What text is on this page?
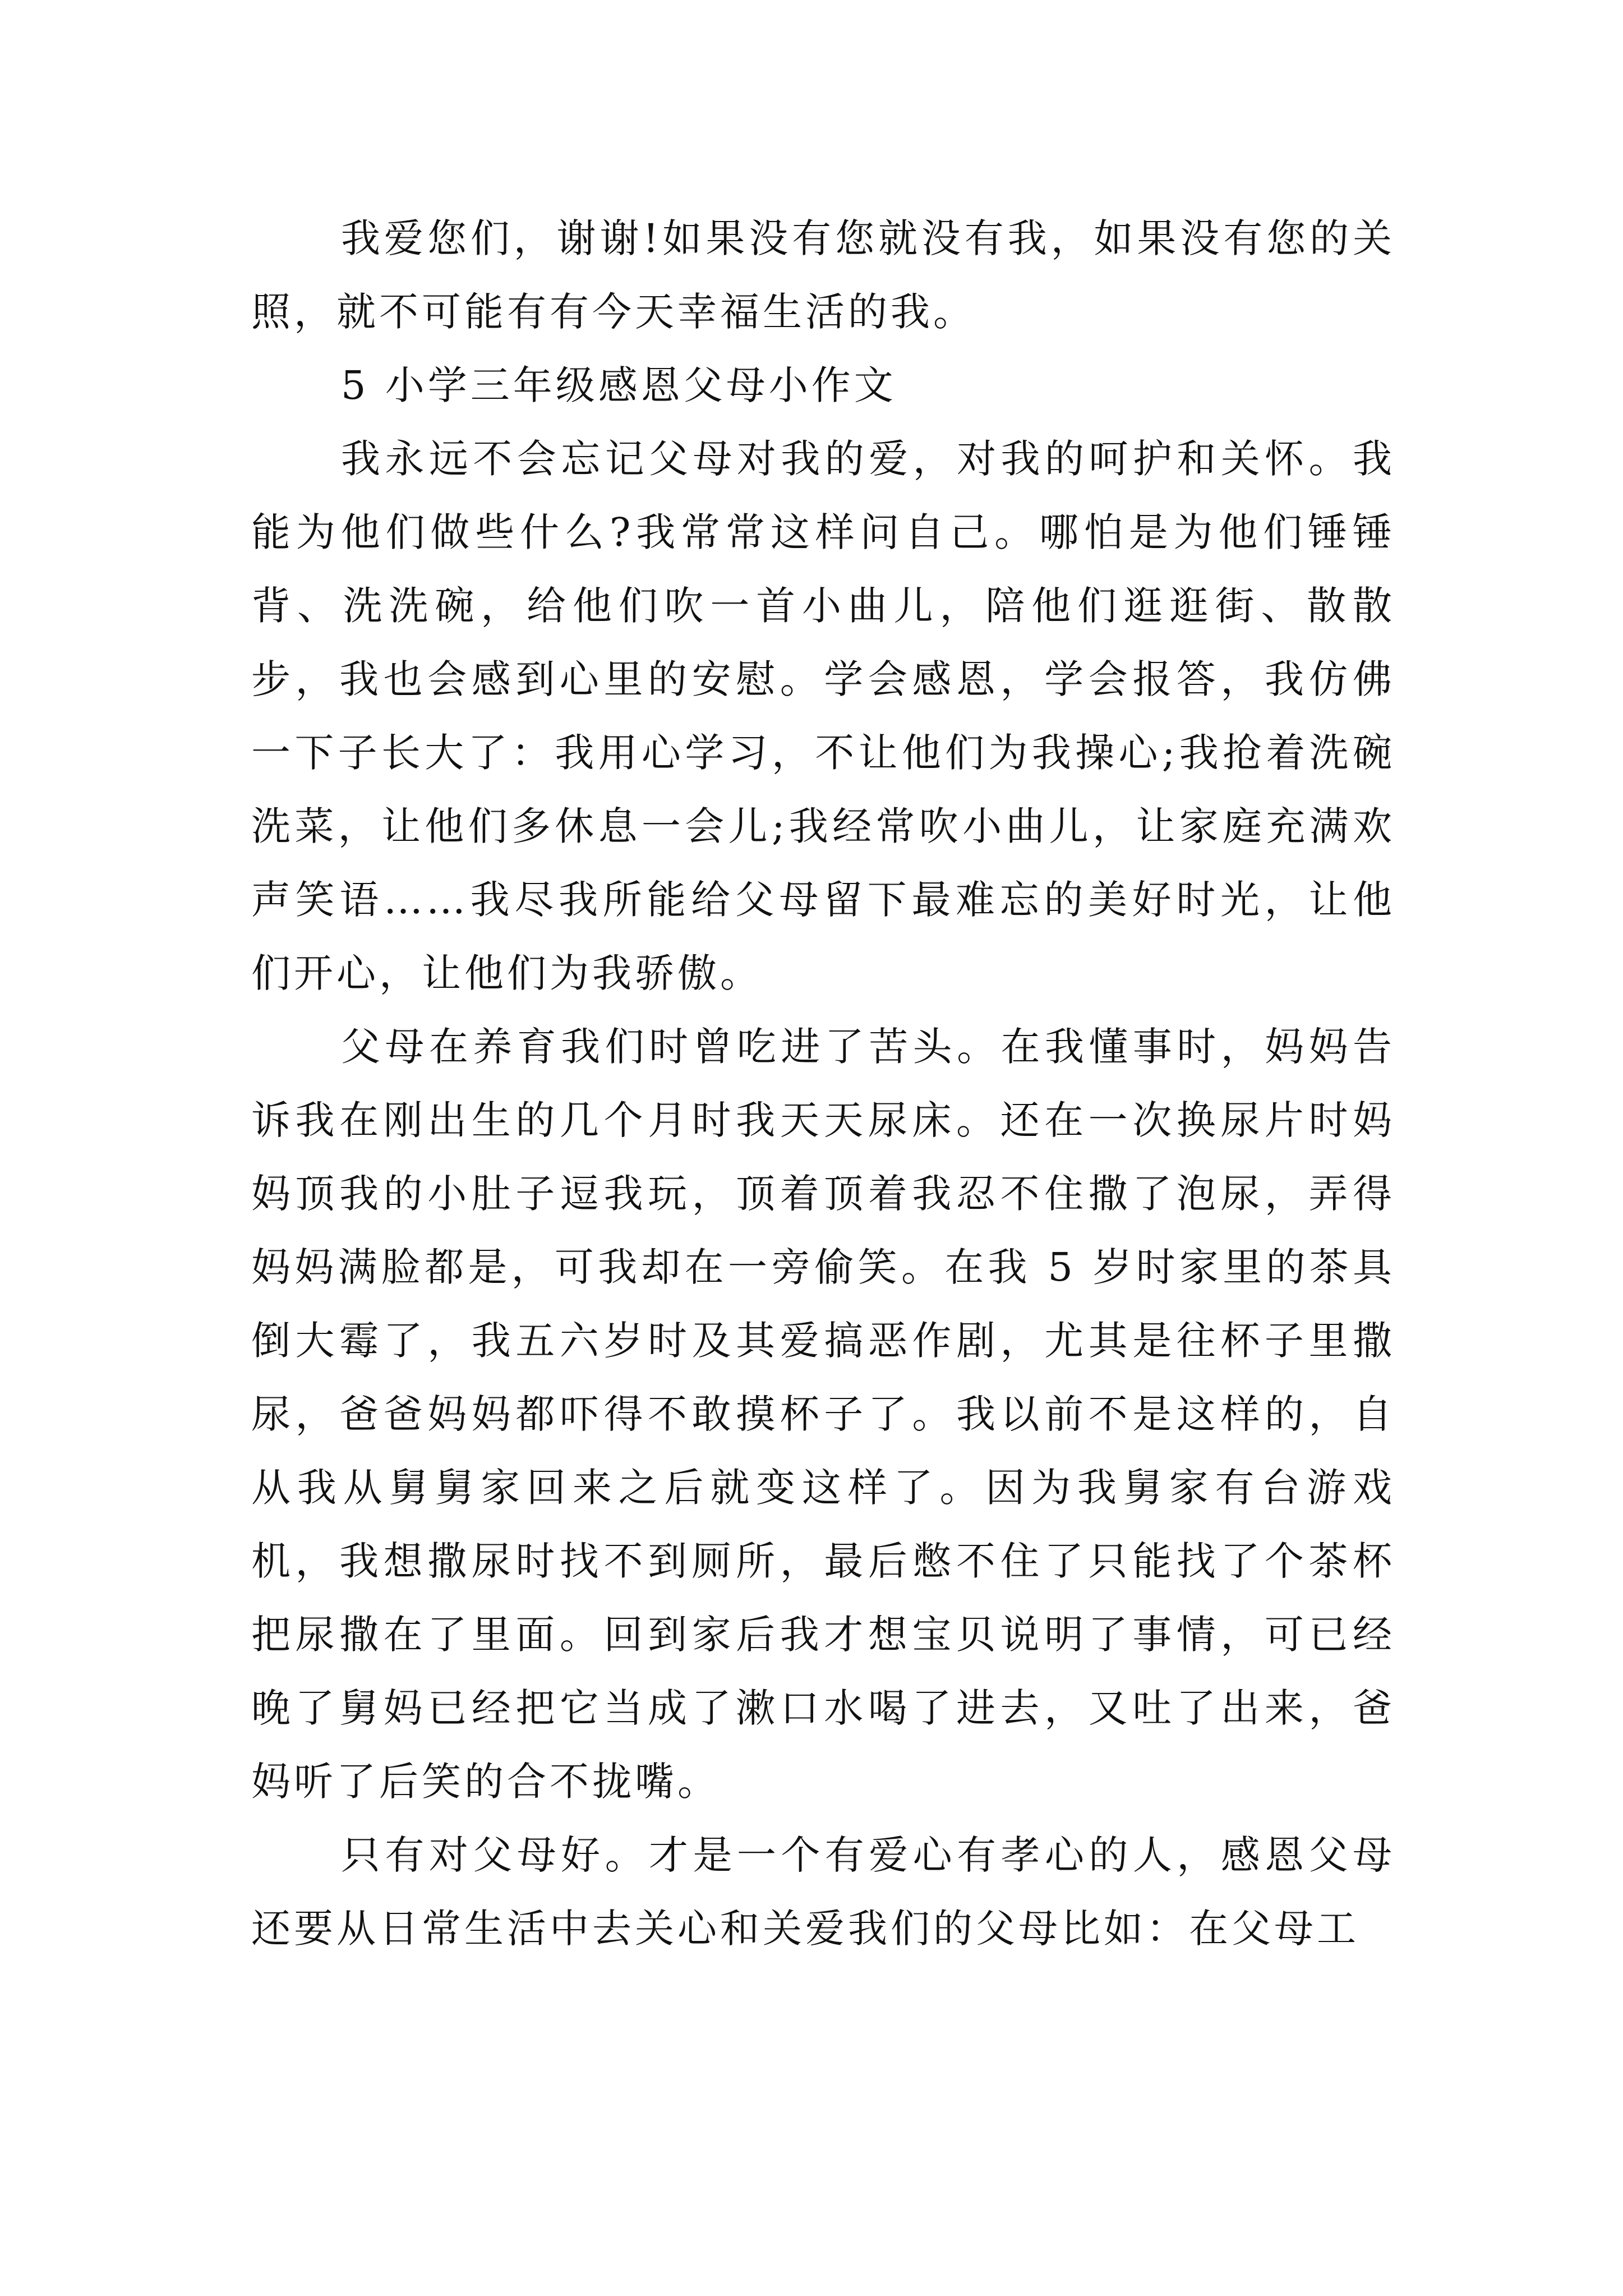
我爱您们，谢谢!如果没有您就没有我，如果没有您的关照，就不可能有有今天幸福生活的我。

5 小学三年级感恩父母小作文

我永远不会忘记父母对我的爱，对我的呵护和关怀。我能为他们做些什么?我常常这样问自己。哪怕是为他们锤锤背、洗洗碗，给他们吹一首小曲儿，陪他们逛逛街、散散步，我也会感到心里的安慰。学会感恩，学会报答，我仿佛一下子长大了：我用心学习，不让他们为我操心;我抢着洗碗洗菜，让他们多休息一会儿;我经常吹小曲儿，让家庭充满欢声笑语……我尽我所能给父母留下最难忘的美好时光，让他们开心，让他们为我骄傲。

父母在养育我们时曾吃进了苦头。在我懂事时，妈妈告诉我在刚出生的几个月时我天天尿床。还在一次换尿片时妈妈顶我的小肚子逗我玩，顶着顶着我忍不住撒了泡尿，弄得妈妈满脸都是，可我却在一旁偷笑。在我 5 岁时家里的茶具倒大霉了，我五六岁时及其爱搞恶作剧，尤其是往杯子里撒尿，爸爸妈妈都吓得不敢摸杯子了。我以前不是这样的，自从我从舅舅家回来之后就变这样了。因为我舅家有台游戏机，我想撒尿时找不到厕所，最后憋不住了只能找了个茶杯把尿撒在了里面。回到家后我才想宝贝说明了事情，可已经晚了舅妈已经把它当成了漱口水喝了进去，又吐了出来，爸妈听了后笑的合不拢嘴。

只有对父母好。才是一个有爱心有孝心的人，感恩父母还要从日常生活中去关心和关爱我们的父母比如：在父母工
